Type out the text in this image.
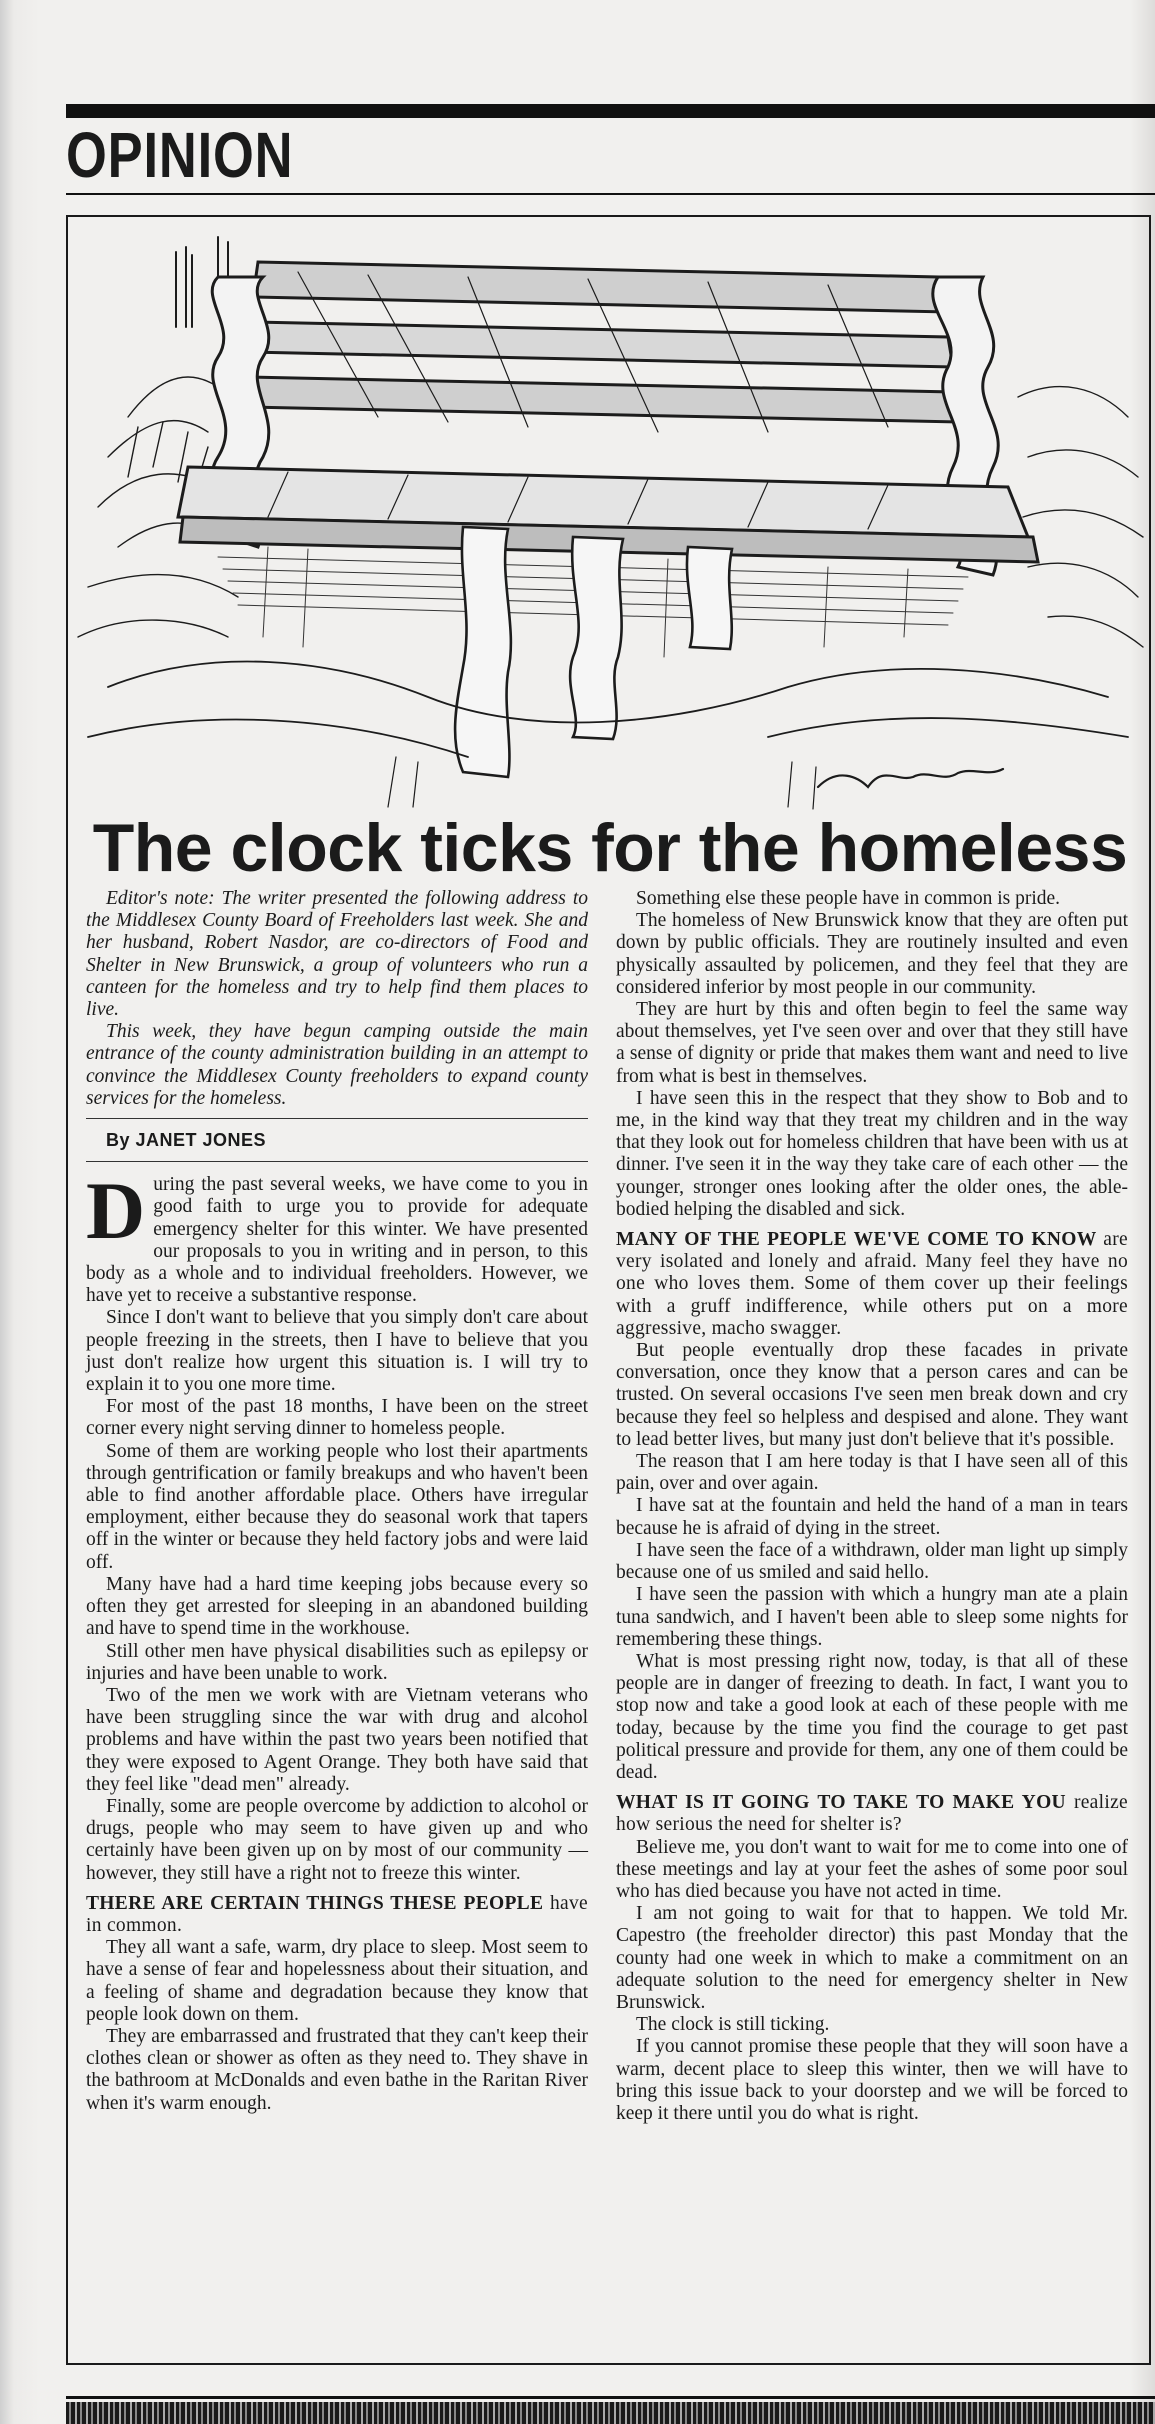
OPINION
The clock ticks for the homeless

Editor's note: The writer presented the following address to the Middlesex County Board of Freeholders last week. She and her husband, Robert Nasdor, are co-directors of Food and Shelter in New Brunswick, a group of volunteers who run a canteen for the homeless and try to help find them places to live.

This week, they have begun camping outside the main entrance of the county administration building in an attempt to convince the Middlesex County freeholders to expand county services for the homeless.

By JANET JONES

During the past several weeks, we have come to you in good faith to urge you to provide for adequate emergency shelter for this winter. We have presented our proposals to you in writing and in person, to this body as a whole and to individual freeholders. However, we have yet to receive a substantive response.

Since I don't want to believe that you simply don't care about people freezing in the streets, then I have to believe that you just don't realize how urgent this situation is. I will try to explain it to you one more time.

For most of the past 18 months, I have been on the street corner every night serving dinner to homeless people.

Some of them are working people who lost their apartments through gentrification or family breakups and who haven't been able to find another affordable place. Others have irregular employment, either because they do seasonal work that tapers off in the winter or because they held factory jobs and were laid off.

Many have had a hard time keeping jobs because every so often they get arrested for sleeping in an abandoned building and have to spend time in the workhouse.

Still other men have physical disabilities such as epilepsy or injuries and have been unable to work.

Two of the men we work with are Vietnam veterans who have been struggling since the war with drug and alcohol problems and have within the past two years been notified that they were exposed to Agent Orange. They both have said that they feel like "dead men" already.

Finally, some are people overcome by addiction to alcohol or drugs, people who may seem to have given up and who certainly have been given up on by most of our community — however, they still have a right not to freeze this winter.

THERE ARE CERTAIN THINGS THESE PEOPLE have in common.

They all want a safe, warm, dry place to sleep. Most seem to have a sense of fear and hopelessness about their situation, and a feeling of shame and degradation because they know that people look down on them.

They are embarrassed and frustrated that they can't keep their clothes clean or shower as often as they need to. They shave in the bathroom at McDonalds and even bathe in the Raritan River when it's warm enough.

Something else these people have in common is pride.

The homeless of New Brunswick know that they are often put down by public officials. They are routinely insulted and even physically assaulted by policemen, and they feel that they are considered inferior by most people in our community.

They are hurt by this and often begin to feel the same way about themselves, yet I've seen over and over that they still have a sense of dignity or pride that makes them want and need to live from what is best in themselves.

I have seen this in the respect that they show to Bob and to me, in the kind way that they treat my children and in the way that they look out for homeless children that have been with us at dinner. I've seen it in the way they take care of each other — the younger, stronger ones looking after the older ones, the able-bodied helping the disabled and sick.

MANY OF THE PEOPLE WE'VE COME TO KNOW are very isolated and lonely and afraid. Many feel they have no one who loves them. Some of them cover up their feelings with a gruff indifference, while others put on a more aggressive, macho swagger.

But people eventually drop these facades in private conversation, once they know that a person cares and can be trusted. On several occasions I've seen men break down and cry because they feel so helpless and despised and alone. They want to lead better lives, but many just don't believe that it's possible.

The reason that I am here today is that I have seen all of this pain, over and over again.

I have sat at the fountain and held the hand of a man in tears because he is afraid of dying in the street.

I have seen the face of a withdrawn, older man light up simply because one of us smiled and said hello.

I have seen the passion with which a hungry man ate a plain tuna sandwich, and I haven't been able to sleep some nights for remembering these things.

What is most pressing right now, today, is that all of these people are in danger of freezing to death. In fact, I want you to stop now and take a good look at each of these people with me today, because by the time you find the courage to get past political pressure and provide for them, any one of them could be dead.

WHAT IS IT GOING TO TAKE TO MAKE YOU realize how serious the need for shelter is?

Believe me, you don't want to wait for me to come into one of these meetings and lay at your feet the ashes of some poor soul who has died because you have not acted in time.

I am not going to wait for that to happen. We told Mr. Capestro (the freeholder director) this past Monday that the county had one week in which to make a commitment on an adequate solution to the need for emergency shelter in New Brunswick.

The clock is still ticking.

If you cannot promise these people that they will soon have a warm, decent place to sleep this winter, then we will have to bring this issue back to your doorstep and we will be forced to keep it there until you do what is right.
